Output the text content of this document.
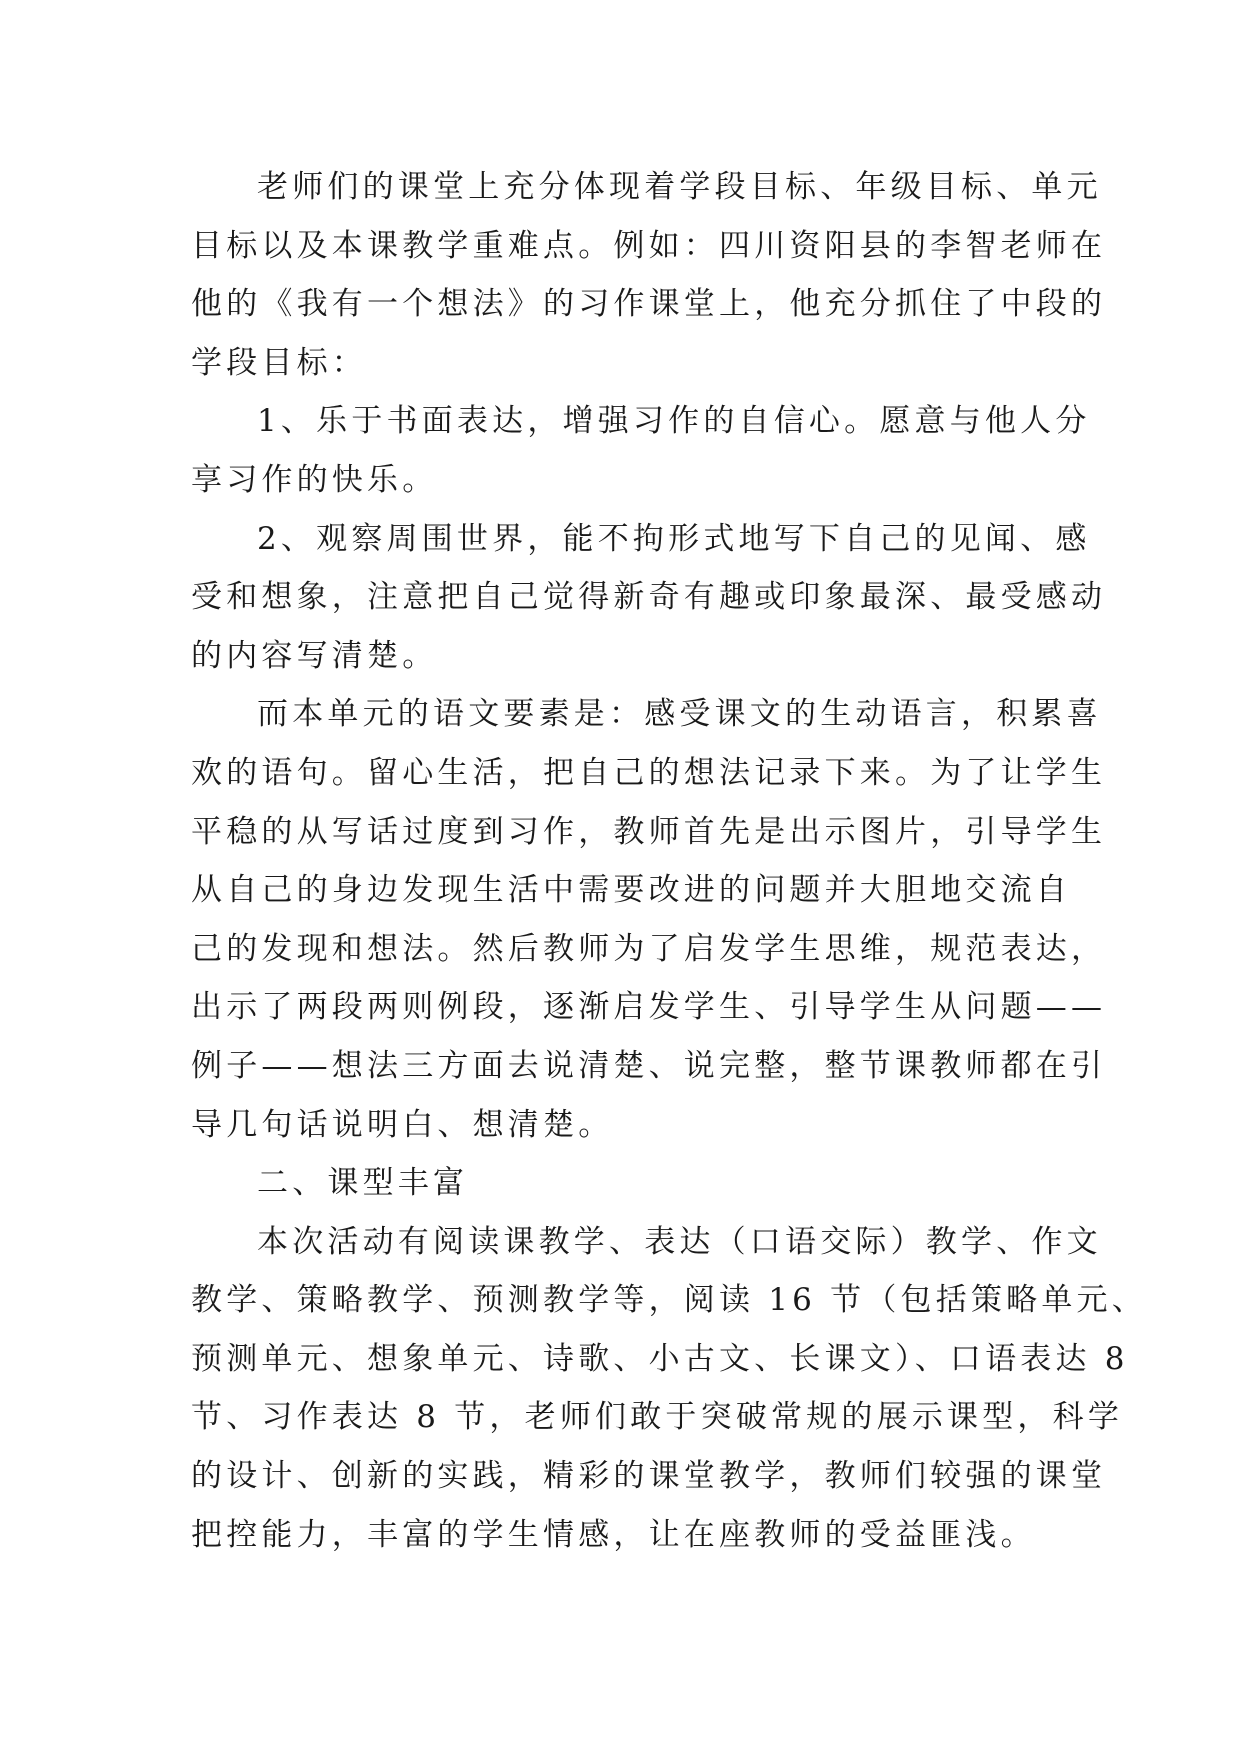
老师们的课堂上充分体现着学段目标、年级目标、单元
目标以及本课教学重难点。例如：四川资阳县的李智老师在
他的《我有一个想法》的习作课堂上，他充分抓住了中段的
学段目标：
1、乐于书面表达，增强习作的自信心。愿意与他人分
享习作的快乐。
2、观察周围世界，能不拘形式地写下自己的见闻、感
受和想象，注意把自己觉得新奇有趣或印象最深、最受感动
的内容写清楚。
而本单元的语文要素是：感受课文的生动语言，积累喜
欢的语句。留心生活，把自己的想法记录下来。为了让学生
平稳的从写话过度到习作，教师首先是出示图片，引导学生
从自己的身边发现生活中需要改进的问题并大胆地交流自
己的发现和想法。然后教师为了启发学生思维，规范表达，
出示了两段两则例段，逐渐启发学生、引导学生从问题——
例子——想法三方面去说清楚、说完整，整节课教师都在引
导几句话说明白、想清楚。
二、课型丰富
本次活动有阅读课教学、表达（口语交际）教学、作文
教学、策略教学、预测教学等，阅读 16 节（包括策略单元、
预测单元、想象单元、诗歌、小古文、长课文）、口语表达 8
节、习作表达 8 节，老师们敢于突破常规的展示课型，科学
的设计、创新的实践，精彩的课堂教学，教师们较强的课堂
把控能力，丰富的学生情感，让在座教师的受益匪浅。
